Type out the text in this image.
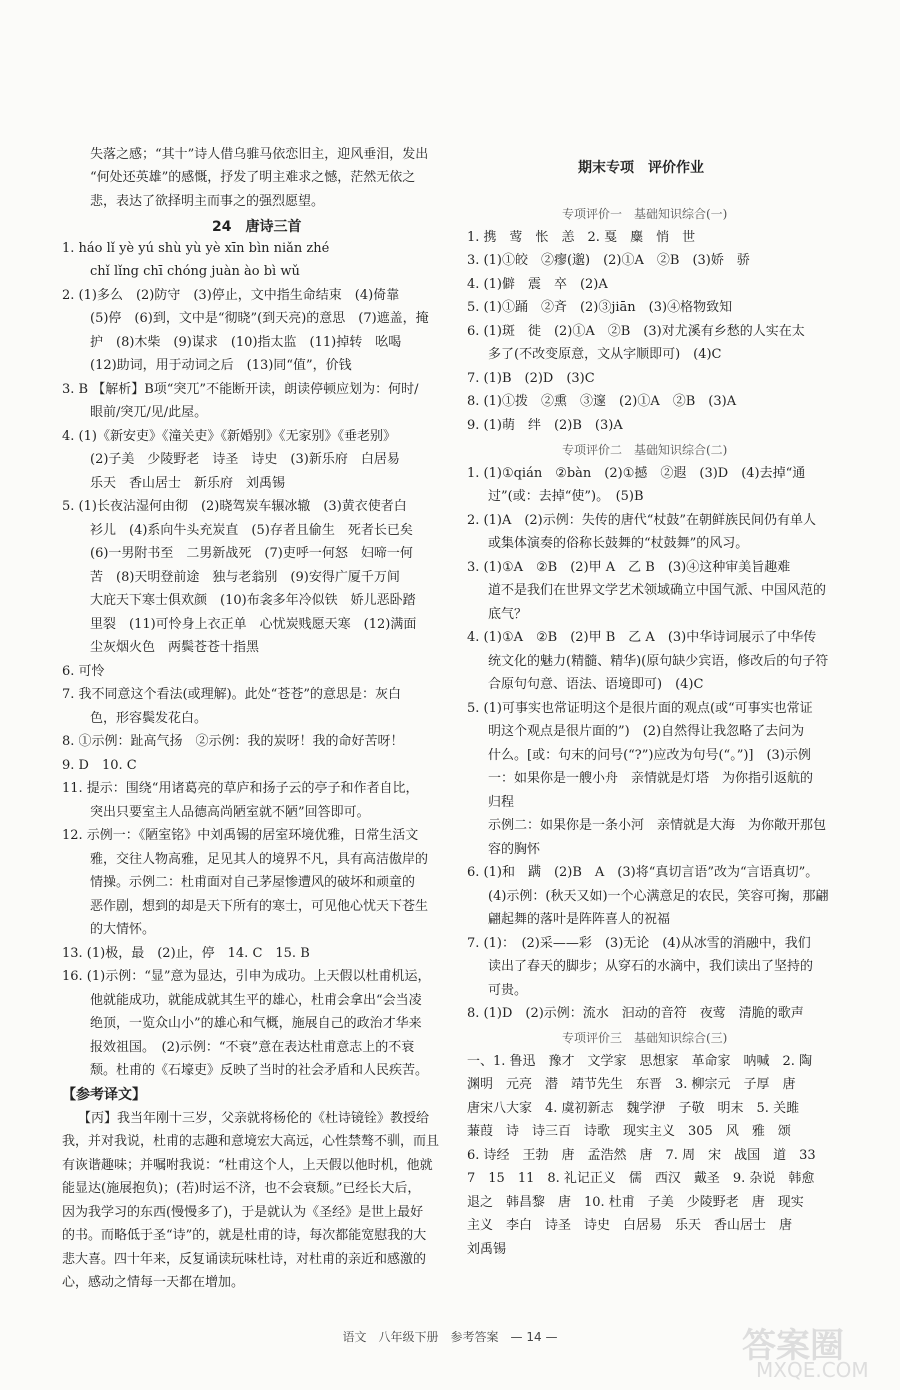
语文　八年级下册　参考答案　— 14 —	答案圈
MXQE.COM
失落之感；“其十”诗人借乌骓马依恋旧主，迎风垂泪，发出
“何处还英雄”的感慨，抒发了明主难求之憾，茫然无依之
悲，表达了欲择明主而事之的强烈愿望。
24　唐诗三首
1. háo lǐ yè yú shù yù yè xīn bìn niǎn zhé
chǐ lǐng chī chóng juàn ào bì wǔ
2. (1)多么　(2)防守　(3)停止，文中指生命结束　(4)倚靠
(5)停　(6)到，文中是“彻晓”(到天亮)的意思　(7)遮盖，掩
护　(8)木柴　(9)谋求　(10)指太监　(11)掉转　吆喝
(12)助词，用于动词之后　(13)同“值”，价钱
3. B 【解析】B项“突兀”不能断开读，朗读停顿应划为：何时/
眼前/突兀/见/此屋。
4. (1)《新安吏》《潼关吏》《新婚别》《无家别》《垂老别》
(2)子美　少陵野老　诗圣　诗史　(3)新乐府　白居易
乐天　香山居士　新乐府　刘禹锡
5. (1)长夜沾湿何由彻　(2)晓驾炭车辗冰辙　(3)黄衣使者白
衫儿　(4)系向牛头充炭直　(5)存者且偷生　死者长已矣
(6)一男附书至　二男新战死　(7)吏呼一何怒　妇啼一何
苦　(8)天明登前途　独与老翁别　(9)安得广厦千万间
大庇天下寒士俱欢颜　(10)布衾多年冷似铁　娇儿恶卧踏
里裂　(11)可怜身上衣正单　心忧炭贱愿天寒　(12)满面
尘灰烟火色　两鬓苍苍十指黑
6. 可怜
7. 我不同意这个看法(或理解)。此处“苍苍”的意思是：灰白
色，形容鬓发花白。
8. ①示例：趾高气扬　②示例：我的炭呀！我的命好苦呀！
9. D　10. C
11. 提示：围绕“用诸葛亮的草庐和扬子云的亭子和作者自比，
突出只要室主人品德高尚陋室就不陋”回答即可。
12. 示例一：《陋室铭》中刘禹锡的居室环境优雅，日常生活文
雅，交往人物高雅，足见其人的境界不凡，具有高洁傲岸的
情操。示例二：杜甫面对自己茅屋惨遭风的破坏和顽童的
恶作剧，想到的却是天下所有的寒士，可见他心忧天下苍生
的大情怀。
13. (1)极，最　(2)止，停　14. C　15. B
16. (1)示例：“显”意为显达，引申为成功。上天假以杜甫机运，
他就能成功，就能成就其生平的雄心，杜甫会拿出“会当凌
绝顶，一览众山小”的雄心和气概，施展自己的政治才华来
报效祖国。　(2)示例：“不衰”意在表达杜甫意志上的不衰
颓。杜甫的《石壕吏》反映了当时的社会矛盾和人民疾苦。
【参考译文】
【丙】我当年刚十三岁，父亲就将杨伦的《杜诗镜铨》教授给
我，并对我说，杜甫的志趣和意境宏大高远，心性禁骜不驯，而且
有诙谐趣味；并嘱咐我说：“杜甫这个人，上天假以他时机，他就
能显达(施展抱负)；(若)时运不济，也不会衰颓。”已经长大后，
因为我学习的东西(慢慢多了)，于是就认为《圣经》是世上最好
的书。而略低于圣“诗”的，就是杜甫的诗，每次都能宽慰我的大
悲大喜。四十年来，反复诵读玩味杜诗，对杜甫的亲近和感激的
心，感动之情每一天都在增加。
期末专项　评价作业
专项评价一　基础知识综合(一)
1. 携　莺　怅　恙　2. 戛　麋　悄　世
3. (1)①皎　②瘳(邈)　(2)①A　②B　(3)娇　骄
4. (1)僻　震　卒　(2)A
5. (1)①踊　②斉　(2)③jiān　(3)④格物致知
6. (1)斑　徙　(2)①A　②B　(3)对尤溪有乡愁的人实在太
多了(不改变原意，文从字顺即可)　(4)C
7. (1)B　(2)D　(3)C
8. (1)①拨　②熏　③邃　(2)①A　②B　(3)A
9. (1)萌　绊　(2)B　(3)A
专项评价二　基础知识综合(二)
1. (1)①qián　②bàn　(2)①撼　②遐　(3)D　(4)去掉“通
过”(或：去掉“使”)。　(5)B
2. (1)A　(2)示例：失传的唐代“杖鼓”在朝鲜族民间仍有单人
或集体演奏的俗称长鼓舞的“杖鼓舞”的风习。
3. (1)①A　②B　(2)甲 A　乙 B　(3)④这种审美旨趣难
道不是我们在世界文学艺术领域确立中国气派、中国风范的
底气？
4. (1)①A　②B　(2)甲 B　乙 A　(3)中华诗词展示了中华传
统文化的魅力(精髓、精华)(原句缺少宾语，修改后的句子符
合原句句意、语法、语境即可)　(4)C
5. (1)可事实也常证明这个是很片面的观点(或“可事实也常证
明这个观点是很片面的”)　(2)自然得让我忽略了去问为
什么。[或：句末的问号(“?”)应改为句号(“。”)]　(3)示例
一：如果你是一艘小舟　亲情就是灯塔　为你指引返航的
归程
示例二：如果你是一条小河　亲情就是大海　为你敞开那包
容的胸怀
6. (1)和　蹒　(2)B　A　(3)将“真切言语”改为“言语真切”。
(4)示例：(秋天又如)一个心满意足的农民，笑容可掬，那翩
翩起舞的落叶是阵阵喜人的祝福
7. (1)：　(2)采——彩　(3)无论　(4)从冰雪的消融中，我们
读出了春天的脚步；从穿石的水滴中，我们读出了坚持的
可贵。
8. (1)D　(2)示例：流水　汩动的音符　夜莺　清脆的歌声
专项评价三　基础知识综合(三)
一、1. 鲁迅　豫才　文学家　思想家　革命家　呐喊　2. 陶
渊明　元亮　潜　靖节先生　东晋　3. 柳宗元　子厚　唐
唐宋八大家　4. 虞初新志　魏学洢　子敬　明末　5. 关雎
蒹葭　诗　诗三百　诗歌　现实主义　305　风　雅　颂
6. 诗经　王勃　唐　孟浩然　唐　7. 周　宋　战国　道　33
7　15　11　8. 礼记正义　儒　西汉　戴圣　9. 杂说　韩愈
退之　韩昌黎　唐　10. 杜甫　子美　少陵野老　唐　现实
主义　李白　诗圣　诗史　白居易　乐天　香山居士　唐
刘禹锡
